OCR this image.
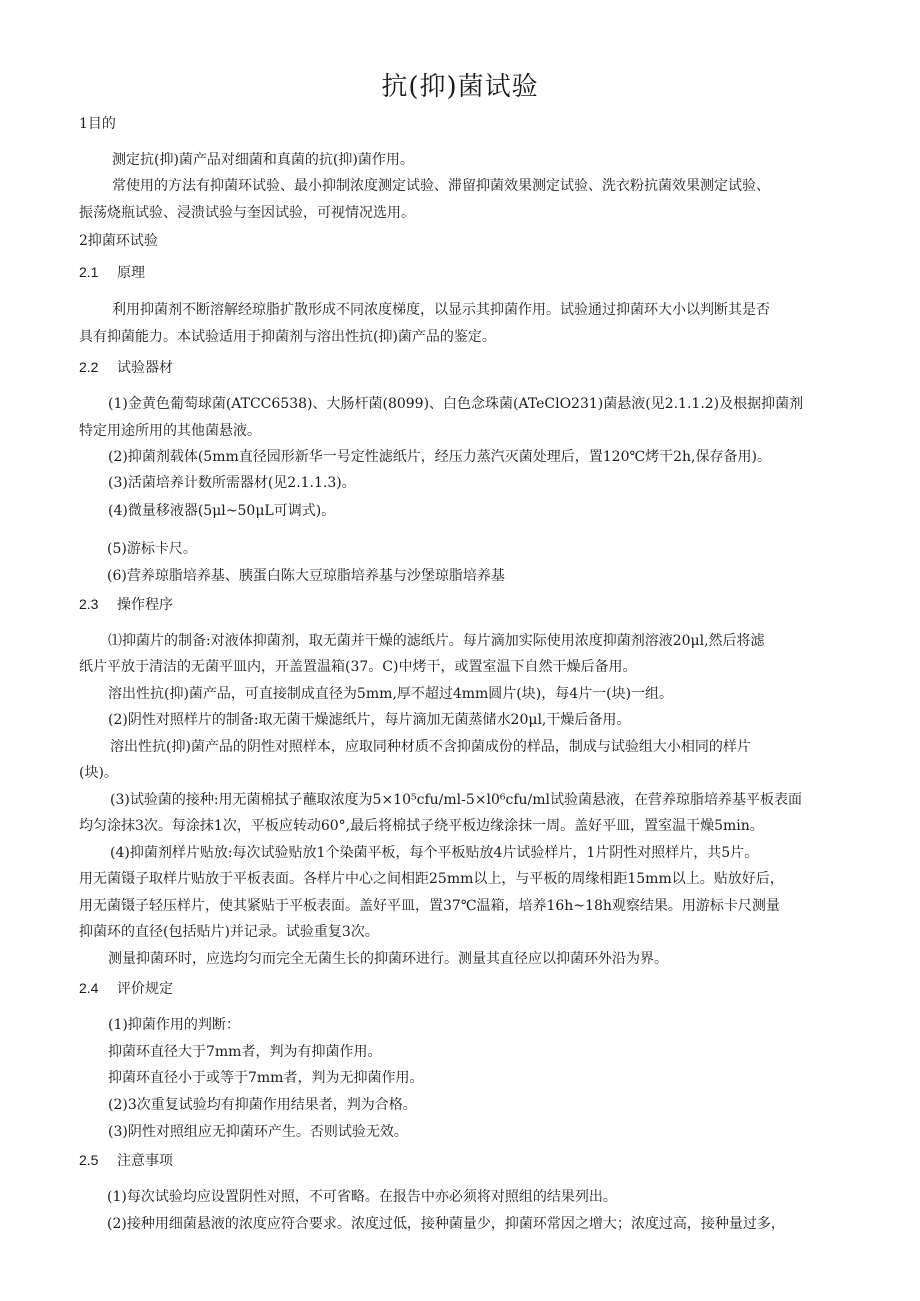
抗(抑)菌试验
1目的
测定抗(抑)菌产品对细菌和真菌的抗(抑)菌作用。
常使用的方法有抑菌环试验、最小抑制浓度测定试验、滞留抑菌效果测定试验、洗衣粉抗菌效果测定试验、
振荡烧瓶试验、浸溃试验与奎因试验，可视情况选用。
2抑菌环试验
2.1 原理
利用抑菌剂不断溶解经琼脂扩散形成不同浓度梯度，以显示其抑菌作用。试验通过抑菌环大小以判断其是否
具有抑菌能力。本试验适用于抑菌剂与溶出性抗(抑)菌产品的鉴定。
2.2 试验器材
(1)金黄色葡萄球菌(ATCC6538)、大肠杆菌(8099)、白色念珠菌(ATeClO231)菌悬液(见2.1.1.2)及根据抑菌剂
特定用途所用的其他菌悬液。
(2)抑菌剂载体(5mm直径园形新华一号定性滤纸片，经压力蒸汽灭菌处理后，置120℃烤干2h,保存备用)。
(3)活菌培养计数所需器材(见2.1.1.3)。
(4)微量移液器(5μl~50μL可调式)。
(5)游标卡尺。
(6)营养琼脂培养基、胰蛋白陈大豆琼脂培养基与沙堡琼脂培养基
2.3 操作程序
⑴抑菌片的制备:对液体抑菌剂，取无菌并干燥的滤纸片。每片滴加实际使用浓度抑菌剂溶液20μl,然后将滤
纸片平放于清洁的无菌平皿内，开盖置温箱(37。C)中烤干，或置室温下自然干燥后备用。
溶出性抗(抑)菌产品，可直接制成直径为5mm,厚不超过4mm圆片(块)，每4片一(块)一组。
(2)阴性对照样片的制备:取无菌干燥滤纸片，每片滴加无菌蒸储水20μl,干燥后备用。
溶出性抗(抑)菌产品的阴性对照样本，应取同种材质不含抑菌成份的样品，制成与试验组大小相同的样片
(块)。
(3)试验菌的接种:用无菌棉拭子蘸取浓度为5×10⁵cfu∕ml-5×l0⁶cfu∕ml试验菌悬液，在营养琼脂培养基平板表面
均匀涂抹3次。每涂抹1次，平板应转动60°,最后将棉拭子绕平板边缘涂抹一周。盖好平皿，置室温干燥5min。
(4)抑菌剂样片贴放:每次试验贴放1个染菌平板，每个平板贴放4片试验样片，1片阴性对照样片，共5片。
用无菌镊子取样片贴放于平板表面。各样片中心之间相距25mm以上，与平板的周缘相距15mm以上。贴放好后，
用无菌镊子轻压样片，使其紧贴于平板表面。盖好平皿，置37℃温箱，培养16h~18h观察结果。用游标卡尺测量
抑菌环的直径(包括贴片)并记录。试验重复3次。
测量抑菌环时，应选均匀而完全无菌生长的抑菌环进行。测量其直径应以抑菌环外沿为界。
2.4 评价规定
(1)抑菌作用的判断：
抑菌环直径大于7mm者，判为有抑菌作用。
抑菌环直径小于或等于7mm者，判为无抑菌作用。
(2)3次重复试验均有抑菌作用结果者，判为合格。
(3)阴性对照组应无抑菌环产生。否则试验无效。
2.5 注意事项
(1)每次试验均应设置阴性对照，不可省略。在报告中亦必须将对照组的结果列出。
(2)接种用细菌悬液的浓度应符合要求。浓度过低，接种菌量少，抑菌环常因之增大；浓度过高，接种量过多，
